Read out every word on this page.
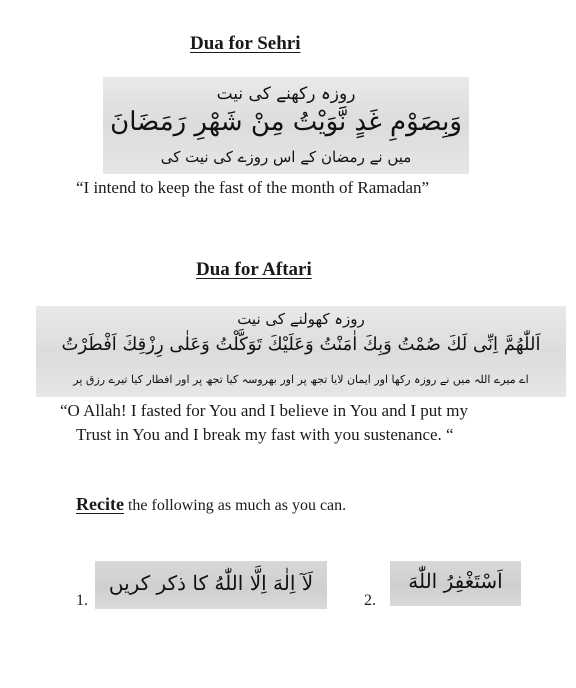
Dua for Sehri
روزہ رکھنے کی نیت
وَبِصَوْمِ غَدٍ نَّوَيْتُ مِنْ شَهْرِ رَمَضَانَ
میں نے رمضان کے اس روزے کی نیت کی
“I intend to keep the fast of the month of Ramadan”
Dua for Aftari
روزہ کھولنے کی نیت
اَللّٰهُمَّ اِنِّى لَكَ صُمْتُ وَبِكَ اٰمَنْتُ وَعَلَيْكَ تَوَكَّلْتُ وَعَلٰى رِزْقِكَ اَفْطَرْتُ
اے میرے اللہ میں نے روزہ رکھا اور ایمان لایا تجھ پر اور بھروسہ کیا تجھ پر اور افطار کیا تیرے رزق پر
“O Allah! I fasted for You and I believe in You and I put my
Trust in You and I break my fast with you sustenance. “
Recite the following as much as you can.
1.
لَآ اِلٰهَ اِلَّا اللّٰهُ کا ذکر کریں
2.
اَسْتَغْفِرُ اللّٰهَ
